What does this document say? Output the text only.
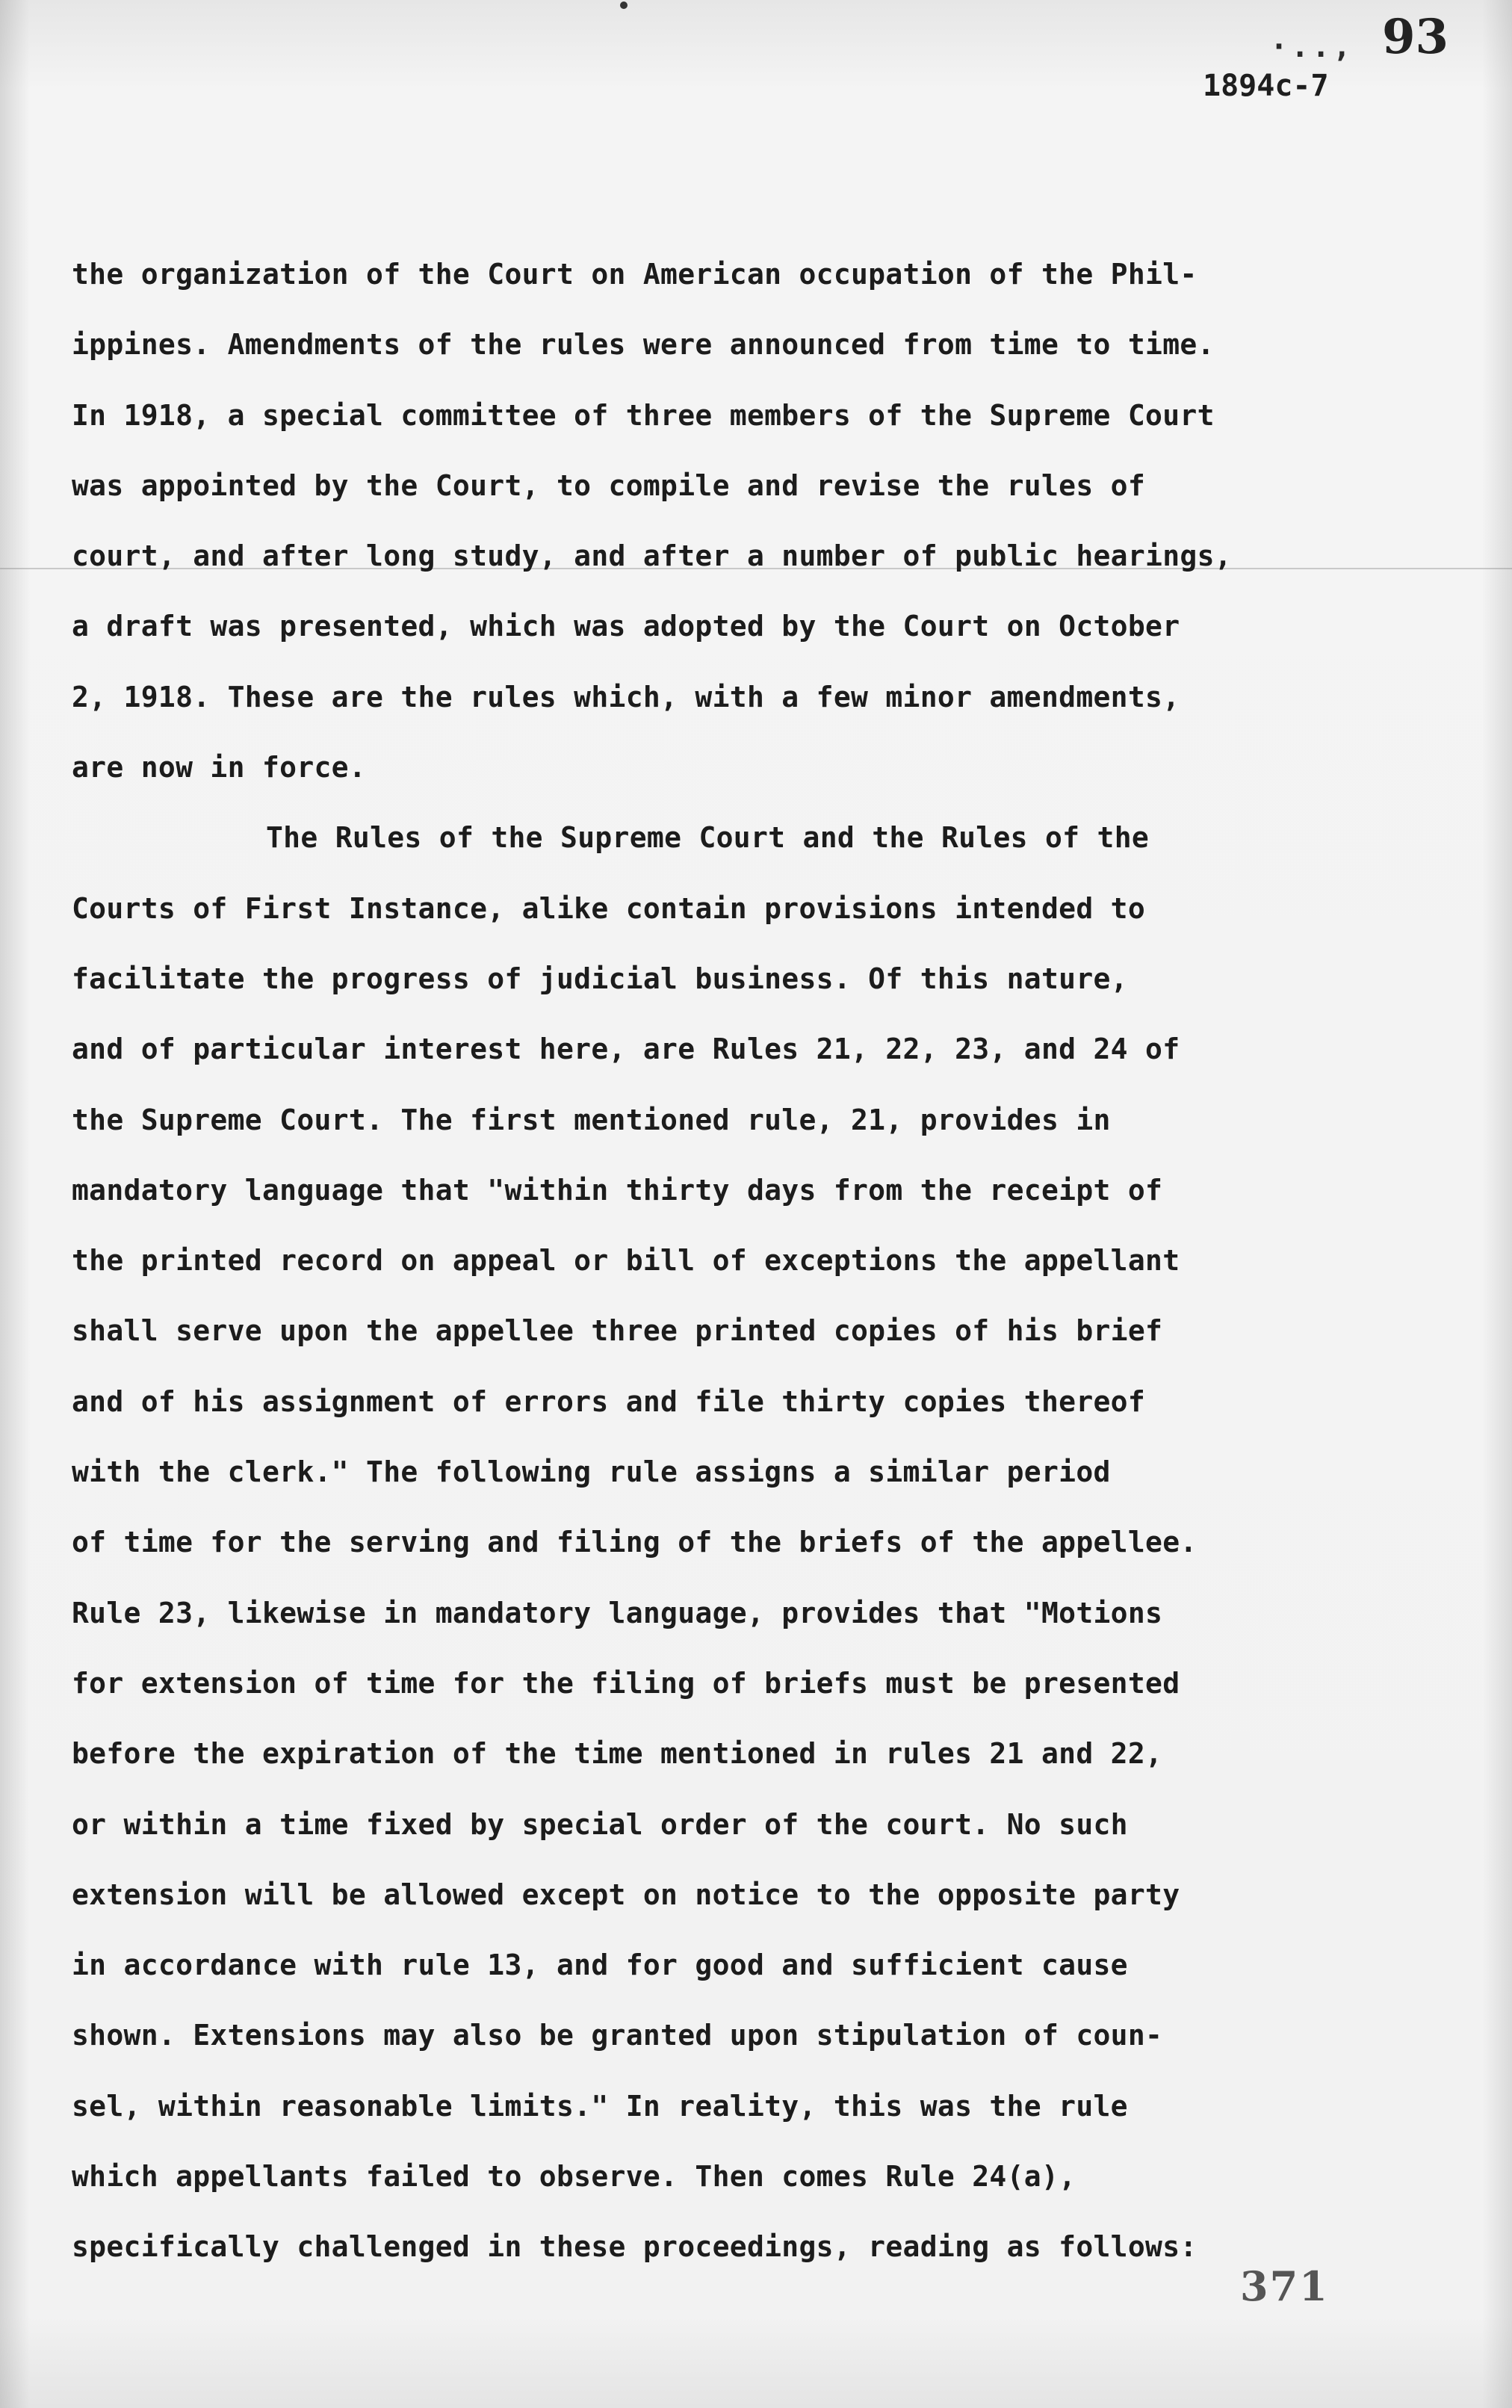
·.., 93
1894c-7
the organization of the Court on American occupation of the Phil-
ippines. Amendments of the rules were announced from time to time.
In 1918, a special committee of three members of the Supreme Court
was appointed by the Court, to compile and revise the rules of
court, and after long study, and after a number of public hearings,
a draft was presented, which was adopted by the Court on October
2, 1918. These are the rules which, with a few minor amendments,
are now in force.
The Rules of the Supreme Court and the Rules of the
Courts of First Instance, alike contain provisions intended to
facilitate the progress of judicial business. Of this nature,
and of particular interest here, are Rules 21, 22, 23, and 24 of
the Supreme Court. The first mentioned rule, 21, provides in
mandatory language that "within thirty days from the receipt of
the printed record on appeal or bill of exceptions the appellant
shall serve upon the appellee three printed copies of his brief
and of his assignment of errors and file thirty copies thereof
with the clerk." The following rule assigns a similar period
of time for the serving and filing of the briefs of the appellee.
Rule 23, likewise in mandatory language, provides that "Motions
for extension of time for the filing of briefs must be presented
before the expiration of the time mentioned in rules 21 and 22,
or within a time fixed by special order of the court. No such
extension will be allowed except on notice to the opposite party
in accordance with rule 13, and for good and sufficient cause
shown. Extensions may also be granted upon stipulation of coun-
sel, within reasonable limits." In reality, this was the rule
which appellants failed to observe. Then comes Rule 24(a),
specifically challenged in these proceedings, reading as follows:
371
